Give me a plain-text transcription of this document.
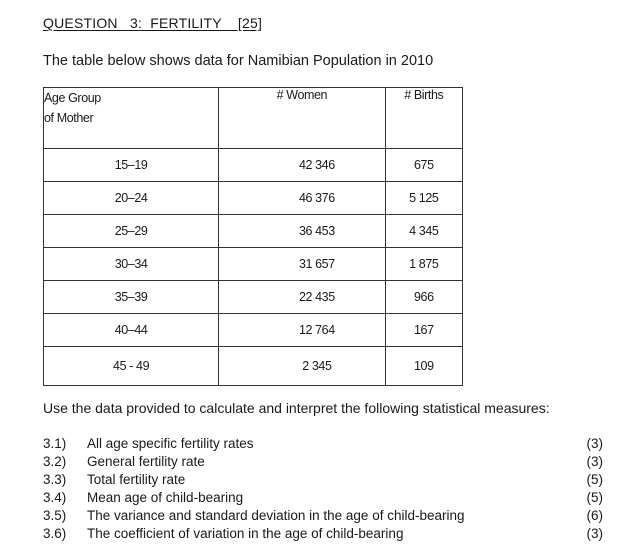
QUESTION   3:  FERTILITY    [25]
The table below shows data for Namibian Population in 2010
Age Group
of Mother	# Women	# Births
15–19	42 346	675
20–24	46 376	5 125
25–29	36 453	4 345
30–34	31 657	1 875
35–39	22 435	966
40–44	12 764	167
45 - 49	2 345	109
Use the data provided to calculate and interpret the following statistical measures:
3.1) All age specific fertility rates	(3)
3.2) General fertility rate	(3)
3.3) Total fertility rate	(5)
3.4) Mean age of child-bearing	(5)
3.5) The variance and standard deviation in the age of child-bearing	(6)
3.6) The coefficient of variation in the age of child-bearing	(3)
